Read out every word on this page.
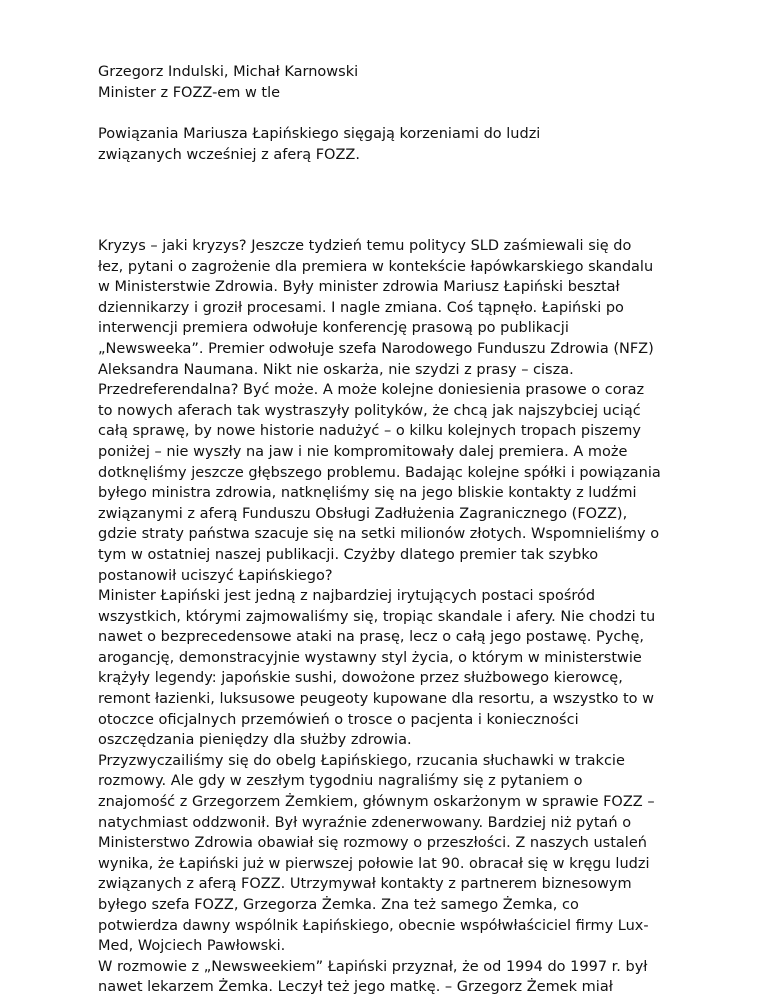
Grzegorz Indulski, Michał Karnowski
Minister z FOZZ-em w tle
Powiązania Mariusza Łapińskiego sięgają korzeniami do ludzi
związanych wcześniej z aferą FOZZ.
Kryzys – jaki kryzys? Jeszcze tydzień temu politycy SLD zaśmiewali się do
łez, pytani o zagrożenie dla premiera w kontekście łapówkarskiego skandalu
w Ministerstwie Zdrowia. Były minister zdrowia Mariusz Łapiński beształ
dziennikarzy i groził procesami. I nagle zmiana. Coś tąpnęło. Łapiński po
interwencji premiera odwołuje konferencję prasową po publikacji
„Newsweeka”. Premier odwołuje szefa Narodowego Funduszu Zdrowia (NFZ)
Aleksandra Naumana. Nikt nie oskarża, nie szydzi z prasy – cisza.
Przedreferendalna? Być może. A może kolejne doniesienia prasowe o coraz
to nowych aferach tak wystraszyły polityków, że chcą jak najszybciej uciąć
całą sprawę, by nowe historie nadużyć – o kilku kolejnych tropach piszemy
poniżej – nie wyszły na jaw i nie kompromitowały dalej premiera. A może
dotknęliśmy jeszcze głębszego problemu. Badając kolejne spółki i powiązania
byłego ministra zdrowia, natknęliśmy się na jego bliskie kontakty z ludźmi
związanymi z aferą Funduszu Obsługi Zadłużenia Zagranicznego (FOZZ),
gdzie straty państwa szacuje się na setki milionów złotych. Wspomnieliśmy o
tym w ostatniej naszej publikacji. Czyżby dlatego premier tak szybko
postanowił uciszyć Łapińskiego?
Minister Łapiński jest jedną z najbardziej irytujących postaci spośród
wszystkich, którymi zajmowaliśmy się, tropiąc skandale i afery. Nie chodzi tu
nawet o bezprecedensowe ataki na prasę, lecz o całą jego postawę. Pychę,
arogancję, demonstracyjnie wystawny styl życia, o którym w ministerstwie
krążyły legendy: japońskie sushi, dowożone przez służbowego kierowcę,
remont łazienki, luksusowe peugeoty kupowane dla resortu, a wszystko to w
otoczce oficjalnych przemówień o trosce o pacjenta i konieczności
oszczędzania pieniędzy dla służby zdrowia.
Przyzwyczailiśmy się do obelg Łapińskiego, rzucania słuchawki w trakcie
rozmowy. Ale gdy w zeszłym tygodniu nagraliśmy się z pytaniem o
znajomość z Grzegorzem Żemkiem, głównym oskarżonym w sprawie FOZZ –
natychmiast oddzwonił. Był wyraźnie zdenerwowany. Bardziej niż pytań o
Ministerstwo Zdrowia obawiał się rozmowy o przeszłości. Z naszych ustaleń
wynika, że Łapiński już w pierwszej połowie lat 90. obracał się w kręgu ludzi
związanych z aferą FOZZ. Utrzymywał kontakty z partnerem biznesowym
byłego szefa FOZZ, Grzegorza Żemka. Zna też samego Żemka, co
potwierdza dawny wspólnik Łapińskiego, obecnie współwłaściciel firmy Lux-
Med, Wojciech Pawłowski.
W rozmowie z „Newsweekiem” Łapiński przyznał, że od 1994 do 1997 r. był
nawet lekarzem Żemka. Leczył też jego matkę. – Grzegorz Żemek miał
